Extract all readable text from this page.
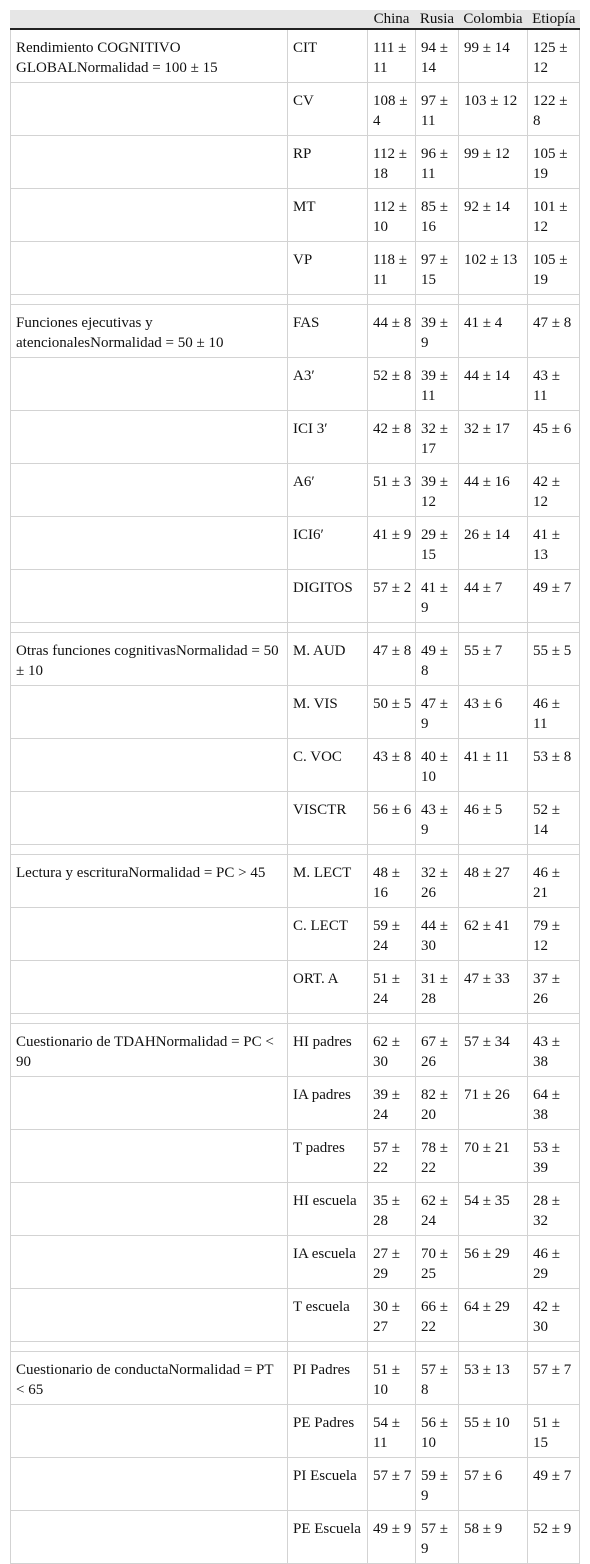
		China	Rusia	Colombia	Etiopía
Rendimiento COGNITIVO GLOBALNormalidad = 100 ± 15	CIT	111 ± 11	94 ± 14	99 ± 14	125 ± 12
	CV	108 ± 4	97 ± 11	103 ± 12	122 ± 8
	RP	112 ± 18	96 ± 11	99 ± 12	105 ± 19
	MT	112 ± 10	85 ± 16	92 ± 14	101 ± 12
	VP	118 ± 11	97 ± 15	102 ± 13	105 ± 19

Funciones ejecutivas y atencionalesNormalidad = 50 ± 10	FAS	44 ± 8	39 ± 9	41 ± 4	47 ± 8
	A3′	52 ± 8	39 ± 11	44 ± 14	43 ± 11
	ICI 3′	42 ± 8	32 ± 17	32 ± 17	45 ± 6
	A6′	51 ± 3	39 ± 12	44 ± 16	42 ± 12
	ICI6′	41 ± 9	29 ± 15	26 ± 14	41 ± 13
	DIGITOS	57 ± 2	41 ± 9	44 ± 7	49 ± 7

Otras funciones cognitivasNormalidad = 50 ± 10	M. AUD	47 ± 8	49 ± 8	55 ± 7	55 ± 5
	M. VIS	50 ± 5	47 ± 9	43 ± 6	46 ± 11
	C. VOC	43 ± 8	40 ± 10	41 ± 11	53 ± 8
	VISCTR	56 ± 6	43 ± 9	46 ± 5	52 ± 14

Lectura y escrituraNormalidad = PC > 45	M. LECT	48 ± 16	32 ± 26	48 ± 27	46 ± 21
	C. LECT	59 ± 24	44 ± 30	62 ± 41	79 ± 12
	ORT. A	51 ± 24	31 ± 28	47 ± 33	37 ± 26

Cuestionario de TDAHNormalidad = PC < 90	HI padres	62 ± 30	67 ± 26	57 ± 34	43 ± 38
	IA padres	39 ± 24	82 ± 20	71 ± 26	64 ± 38
	T padres	57 ± 22	78 ± 22	70 ± 21	53 ± 39
	HI escuela	35 ± 28	62 ± 24	54 ± 35	28 ± 32
	IA escuela	27 ± 29	70 ± 25	56 ± 29	46 ± 29
	T escuela	30 ± 27	66 ± 22	64 ± 29	42 ± 30

Cuestionario de conductaNormalidad = PT < 65	PI Padres	51 ± 10	57 ± 8	53 ± 13	57 ± 7
	PE Padres	54 ± 11	56 ± 10	55 ± 10	51 ± 15
	PI Escuela	57 ± 7	59 ± 9	57 ± 6	49 ± 7
	PE Escuela	49 ± 9	57 ± 9	58 ± 9	52 ± 9
